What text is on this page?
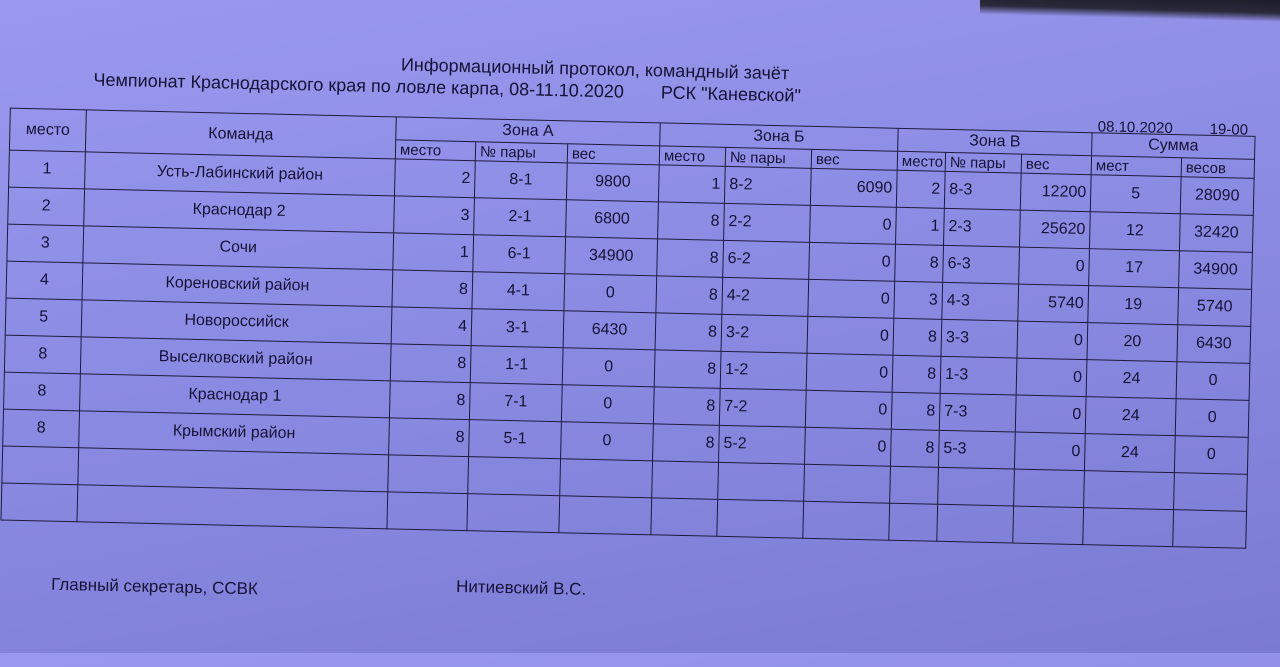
Информационный протокол, командный зачёт
Чемпионат Краснодарского края по ловле карпа, 08-11.10.2020 РСК "Каневской"
08.10.2020 19-00
место	Команда	Зона А			Зона Б			Зона В			Сумма	
		место	№ пары	вес	место	№ пары	вес	место	№ пары	вес	мест	весов
1	Усть-Лабинский район	2	8-1	9800	1	8-2	6090	2	8-3	12200	5	28090
2	Краснодар 2	3	2-1	6800	8	2-2	0	1	2-3	25620	12	32420
3	Сочи	1	6-1	34900	8	6-2	0	8	6-3	0	17	34900
4	Кореновский район	8	4-1	0	8	4-2	0	3	4-3	5740	19	5740
5	Новороссийск	4	3-1	6430	8	3-2	0	8	3-3	0	20	6430
8	Выселковский район	8	1-1	0	8	1-2	0	8	1-3	0	24	0
8	Краснодар 1	8	7-1	0	8	7-2	0	8	7-3	0	24	0
8	Крымский район	8	5-1	0	8	5-2	0	8	5-3	0	24	0

Главный секретарь, ССВК	Нитиевский В.С.
